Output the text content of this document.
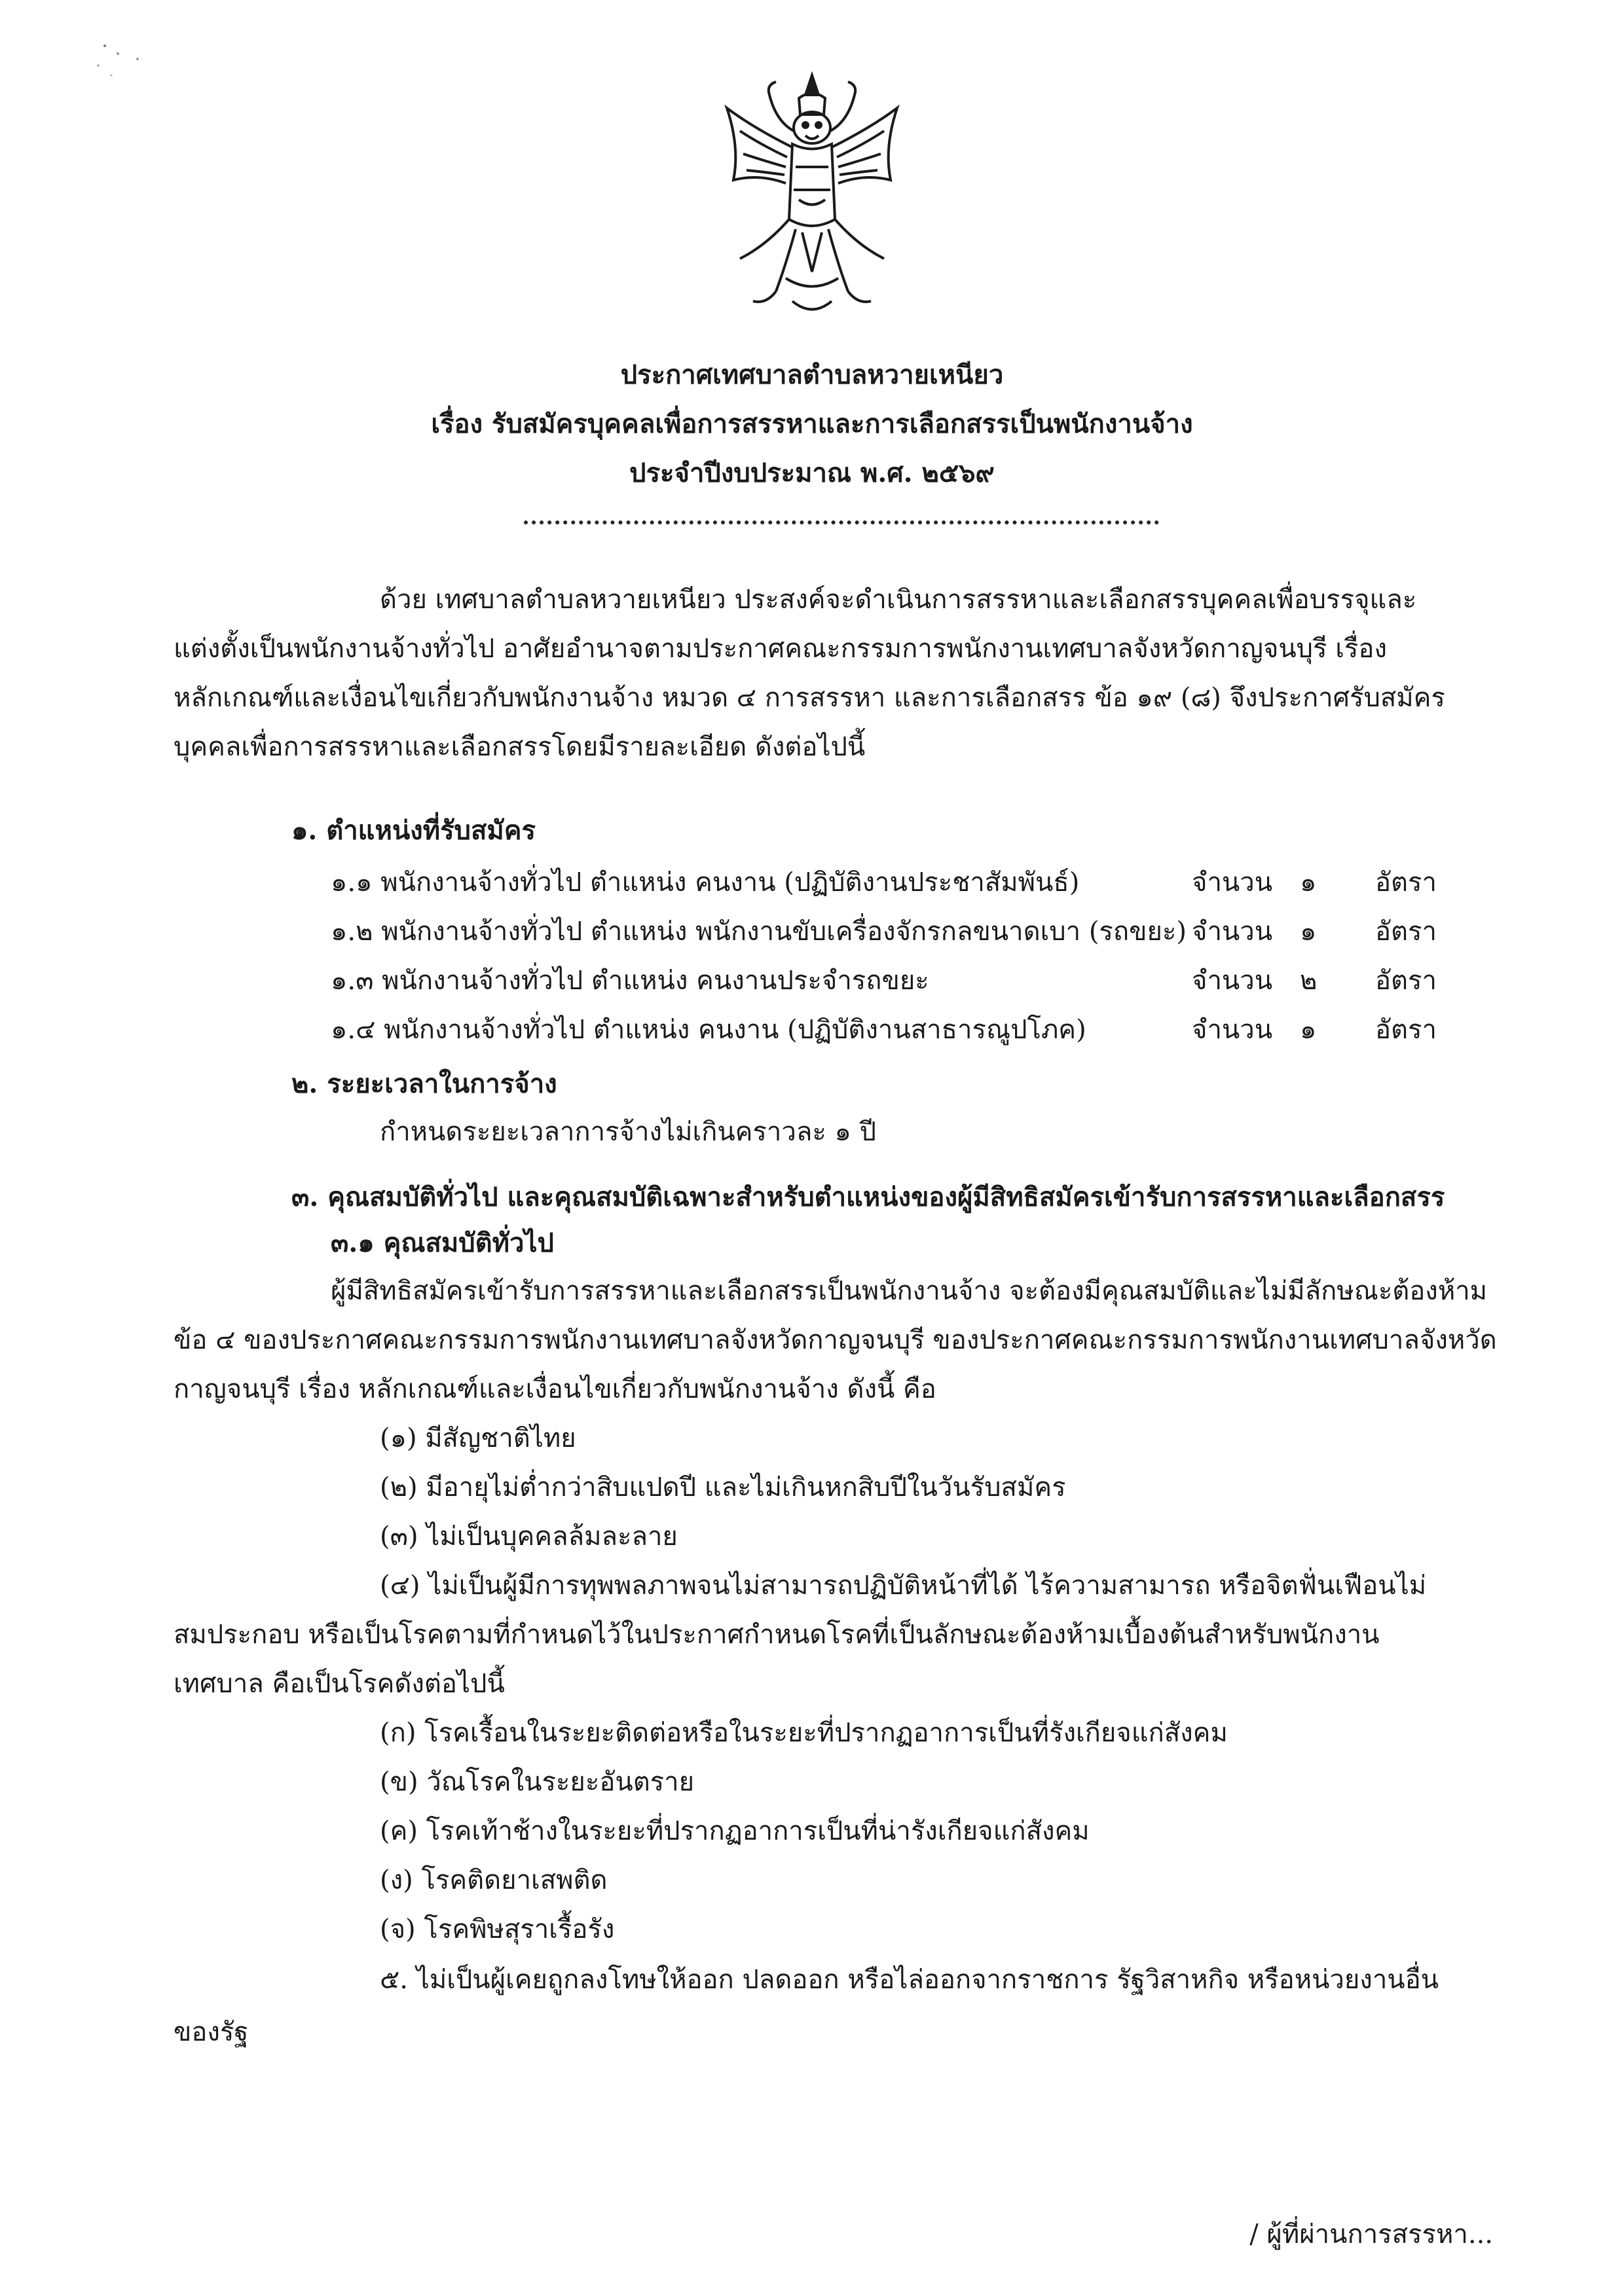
ประกาศเทศบาลตำบลหวายเหนียว
เรื่อง รับสมัครบุคคลเพื่อการสรรหาและการเลือกสรรเป็นพนักงานจ้าง
ประจำปีงบประมาณ พ.ศ. ๒๕๖๙
ด้วย เทศบาลตำบลหวายเหนียว ประสงค์จะดำเนินการสรรหาและเลือกสรรบุคคลเพื่อบรรจุและ
แต่งตั้งเป็นพนักงานจ้างทั่วไป อาศัยอำนาจตามประกาศคณะกรรมการพนักงานเทศบาลจังหวัดกาญจนบุรี เรื่อง
หลักเกณฑ์และเงื่อนไขเกี่ยวกับพนักงานจ้าง หมวด ๔ การสรรหา และการเลือกสรร ข้อ ๑๙ (๘) จึงประกาศรับสมัคร
บุคคลเพื่อการสรรหาและเลือกสรรโดยมีรายละเอียด ดังต่อไปนี้
๑. ตำแหน่งที่รับสมัคร
๑.๑ พนักงานจ้างทั่วไป ตำแหน่ง คนงาน (ปฏิบัติงานประชาสัมพันธ์)	จำนวน ๑ อัตรา
๑.๒ พนักงานจ้างทั่วไป ตำแหน่ง พนักงานขับเครื่องจักรกลขนาดเบา (รถขยะ) จำนวน ๑ อัตรา
๑.๓ พนักงานจ้างทั่วไป ตำแหน่ง คนงานประจำรถขยะ	จำนวน ๒ อัตรา
๑.๔ พนักงานจ้างทั่วไป ตำแหน่ง คนงาน (ปฏิบัติงานสาธารณูปโภค)	จำนวน ๑ อัตรา
๒. ระยะเวลาในการจ้าง
กำหนดระยะเวลาการจ้างไม่เกินคราวละ ๑ ปี
๓. คุณสมบัติทั่วไป และคุณสมบัติเฉพาะสำหรับตำแหน่งของผู้มีสิทธิสมัครเข้ารับการสรรหาและเลือกสรร
๓.๑ คุณสมบัติทั่วไป
ผู้มีสิทธิสมัครเข้ารับการสรรหาและเลือกสรรเป็นพนักงานจ้าง จะต้องมีคุณสมบัติและไม่มีลักษณะต้องห้าม
ข้อ ๔ ของประกาศคณะกรรมการพนักงานเทศบาลจังหวัดกาญจนบุรี ของประกาศคณะกรรมการพนักงานเทศบาลจังหวัด
กาญจนบุรี เรื่อง หลักเกณฑ์และเงื่อนไขเกี่ยวกับพนักงานจ้าง ดังนี้ คือ
(๑) มีสัญชาติไทย
(๒) มีอายุไม่ต่ำกว่าสิบแปดปี และไม่เกินหกสิบปีในวันรับสมัคร
(๓) ไม่เป็นบุคคลล้มละลาย
(๔) ไม่เป็นผู้มีการทุพพลภาพจนไม่สามารถปฏิบัติหน้าที่ได้ ไร้ความสามารถ หรือจิตฟั่นเฟือนไม่
สมประกอบ หรือเป็นโรคตามที่กำหนดไว้ในประกาศกำหนดโรคที่เป็นลักษณะต้องห้ามเบื้องต้นสำหรับพนักงาน
เทศบาล คือเป็นโรคดังต่อไปนี้
(ก) โรคเรื้อนในระยะติดต่อหรือในระยะที่ปรากฏอาการเป็นที่รังเกียจแก่สังคม
(ข) วัณโรคในระยะอันตราย
(ค) โรคเท้าช้างในระยะที่ปรากฏอาการเป็นที่น่ารังเกียจแก่สังคม
(ง) โรคติดยาเสพติด
(จ) โรคพิษสุราเรื้อรัง
๕. ไม่เป็นผู้เคยถูกลงโทษให้ออก ปลดออก หรือไล่ออกจากราชการ รัฐวิสาหกิจ หรือหน่วยงานอื่น
ของรัฐ
/ ผู้ที่ผ่านการสรรหา...
